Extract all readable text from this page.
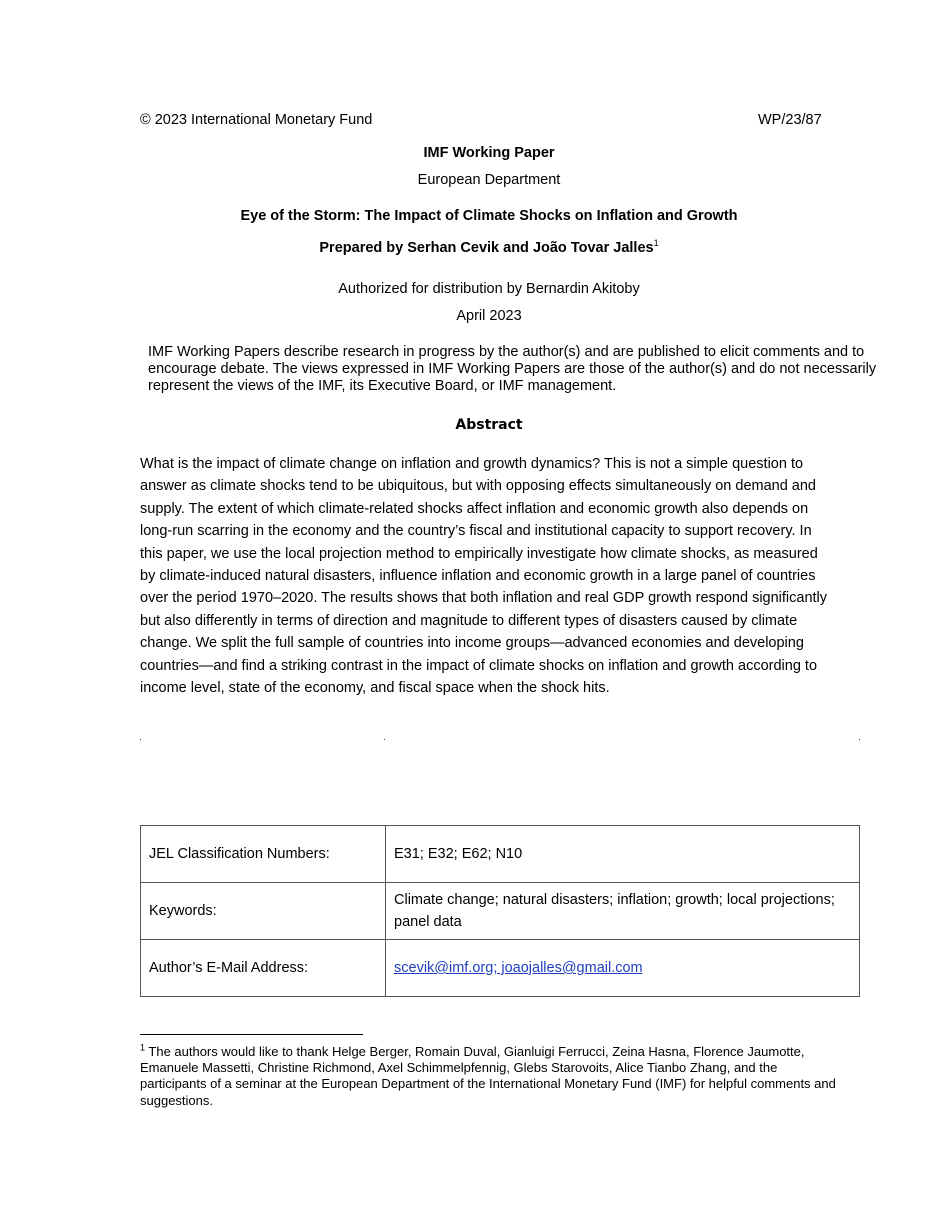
© 2023 International Monetary Fund	WP/23/87
IMF Working Paper
European Department
Eye of the Storm: The Impact of Climate Shocks on Inflation and Growth
Prepared by Serhan Cevik and João Tovar Jalles$^1$
Authorized for distribution by Bernardin Akitoby
April 2023
IMF Working Papers describe research in progress by the author(s) and are published to elicit comments and to encourage debate. The views expressed in IMF Working Papers are those of the author(s) and do not necessarily represent the views of the IMF, its Executive Board, or IMF management.
Abstract
What is the impact of climate change on inflation and growth dynamics? This is not a simple question to answer as climate shocks tend to be ubiquitous, but with opposing effects simultaneously on demand and supply. The extent of which climate-related shocks affect inflation and economic growth also depends on long-run scarring in the economy and the country’s fiscal and institutional capacity to support recovery. In this paper, we use the local projection method to empirically investigate how climate shocks, as measured by climate-induced natural disasters, influence inflation and economic growth in a large panel of countries over the period 1970–2020. The results shows that both inflation and real GDP growth respond significantly but also differently in terms of direction and magnitude to different types of disasters caused by climate change. We split the full sample of countries into income groups—advanced economies and developing countries—and find a striking contrast in the impact of climate shocks on inflation and growth according to income level, state of the economy, and fiscal space when the shock hits.
JEL Classification Numbers:	E31; E32; E62; N10
Keywords:	Climate change; natural disasters; inflation; growth; local projections; panel data
Author’s E-Mail Address:	scevik@imf.org; joaojalles@gmail.com
$^1$ The authors would like to thank Helge Berger, Romain Duval, Gianluigi Ferrucci, Zeina Hasna, Florence Jaumotte, Emanuele Massetti, Christine Richmond, Axel Schimmelpfennig, Glebs Starovoits, Alice Tianbo Zhang, and the participants of a seminar at the European Department of the International Monetary Fund (IMF) for helpful comments and suggestions.
